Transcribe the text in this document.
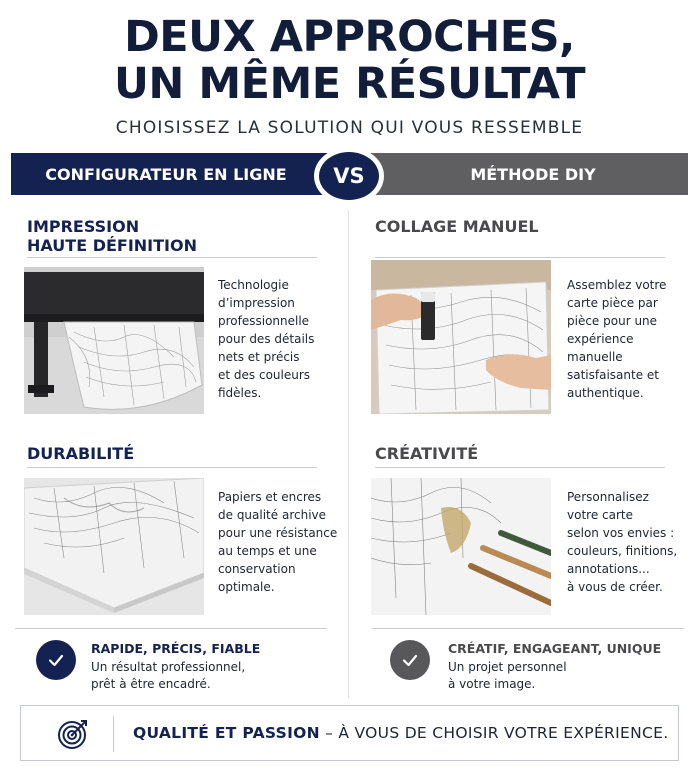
DEUX APPROCHES,
UN MÊME RÉSULTAT
CHOISISSEZ LA SOLUTION QUI VOUS RESSEMBLE
CONFIGURATEUR EN LIGNE	MÉTHODE DIY
VS
IMPRESSION
HAUTE DÉFINITION
Technologie
d’impression
professionnelle
pour des détails
nets et précis
et des couleurs
fidèles.
DURABILITÉ
Papiers et encres
de qualité archive
pour une résistance
au temps et une
conservation
optimale.
RAPIDE, PRÉCIS, FIABLE
Un résultat professionnel,
prêt à être encadré.
COLLAGE MANUEL
Assemblez votre
carte pièce par
pièce pour une
expérience
manuelle
satisfaisante et
authentique.
CRÉATIVITÉ
Personnalisez
votre carte
selon vos envies :
couleurs, finitions,
annotations...
à vous de créer.
CRÉATIF, ENGAGEANT, UNIQUE
Un projet personnel
à votre image.
QUALITÉ ET PASSION – À VOUS DE CHOISIR VOTRE EXPÉRIENCE.
